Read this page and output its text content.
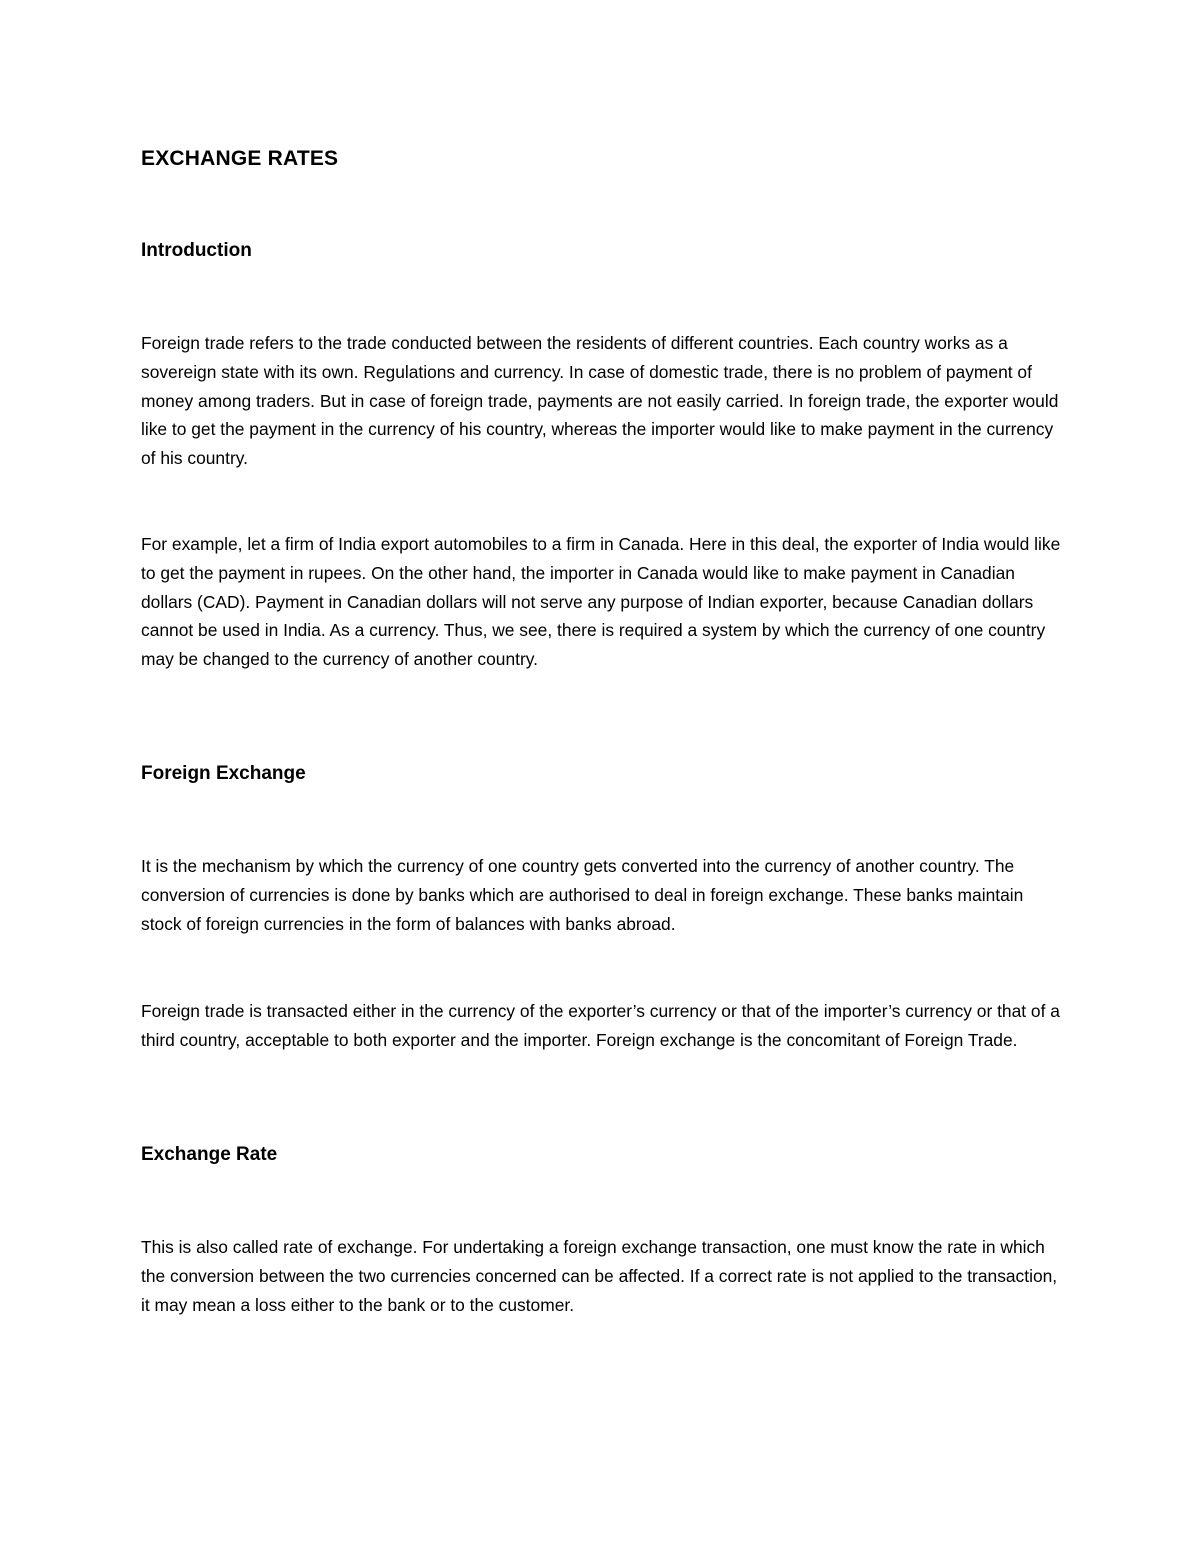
EXCHANGE RATES
Introduction

Foreign trade refers to the trade conducted between the residents of different countries. Each country works as a sovereign state with its own. Regulations and currency. In case of domestic trade, there is no problem of payment of money among traders. But in case of foreign trade, payments are not easily carried. In foreign trade, the exporter would like to get the payment in the currency of his country, whereas the importer would like to make payment in the currency of his country.

For example, let a firm of India export automobiles to a firm in Canada. Here in this deal, the exporter of India would like to get the payment in rupees. On the other hand, the importer in Canada would like to make payment in Canadian dollars (CAD). Payment in Canadian dollars will not serve any purpose of Indian exporter, because Canadian dollars cannot be used in India. As a currency. Thus, we see, there is required a system by which the currency of one country may be changed to the currency of another country.

Foreign Exchange

It is the mechanism by which the currency of one country gets converted into the currency of another country. The conversion of currencies is done by banks which are authorised to deal in foreign exchange. These banks maintain stock of foreign currencies in the form of balances with banks abroad.

Foreign trade is transacted either in the currency of the exporter’s currency or that of the importer’s currency or that of a third country, acceptable to both exporter and the importer. Foreign exchange is the concomitant of Foreign Trade.

Exchange Rate

This is also called rate of exchange. For undertaking a foreign exchange transaction, one must know the rate in which the conversion between the two currencies concerned can be affected. If a correct rate is not applied to the transaction, it may mean a loss either to the bank or to the customer.
